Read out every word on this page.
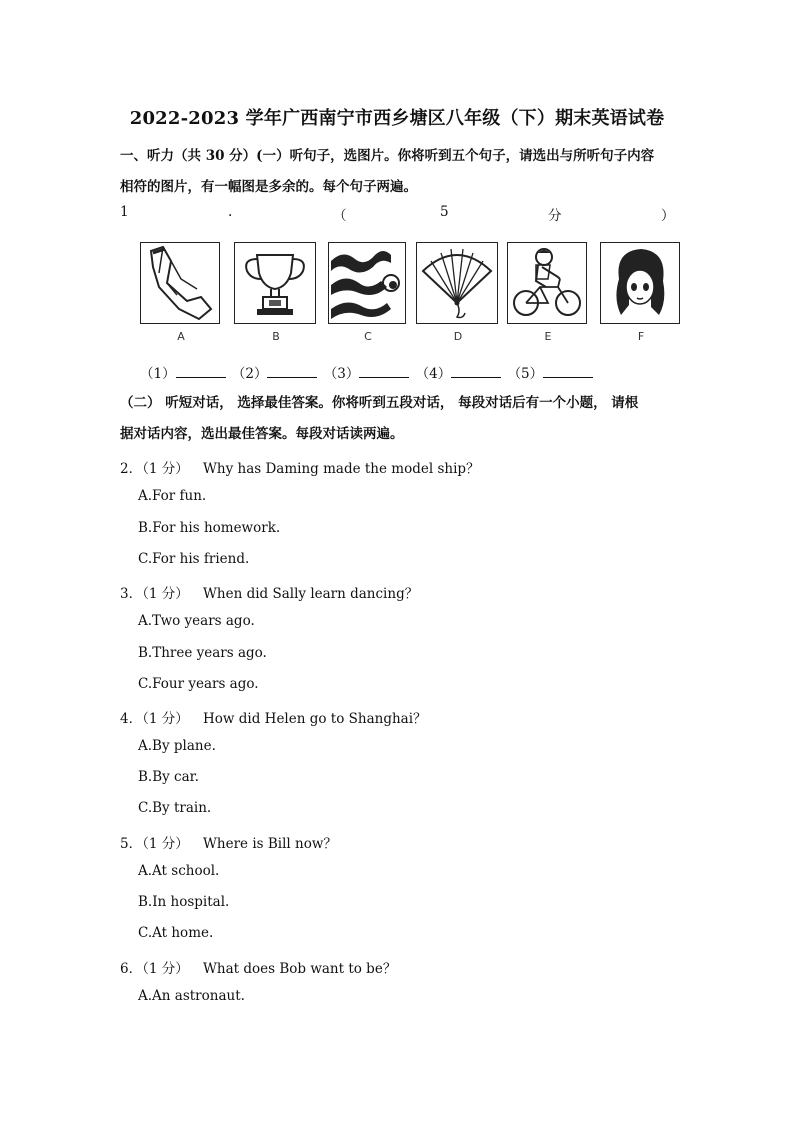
2022-2023 学年广西南宁市西乡塘区八年级（下）期末英语试卷
一、听力（共 30 分）(一）听句子，选图片。你将听到五个句子，请选出与所听句子内容
相符的图片，有一幅图是多余的。每个句子两遍。
1	.	（	5	分	）
A	B	C	D	E	F
（1）	（2）	（3）	（4）	（5）
（二） 听短对话， 选择最佳答案。你将听到五段对话， 每段对话后有一个小题， 请根
据对话内容，选出最佳答案。每段对话读两遍。
2．（1 分） Why has Daming made the model ship？
A.For fun.
B.For his homework.
C.For his friend.
3．（1 分） When did Sally learn dancing？
A.Two years ago.
B.Three years ago.
C.Four years ago.
4．（1 分） How did Helen go to Shanghai？
A.By plane.
B.By car.
C.By train.
5．（1 分） Where is Bill now？
A.At school.
B.In hospital.
C.At home.
6．（1 分） What does Bob want to be？
A.An astronaut.
